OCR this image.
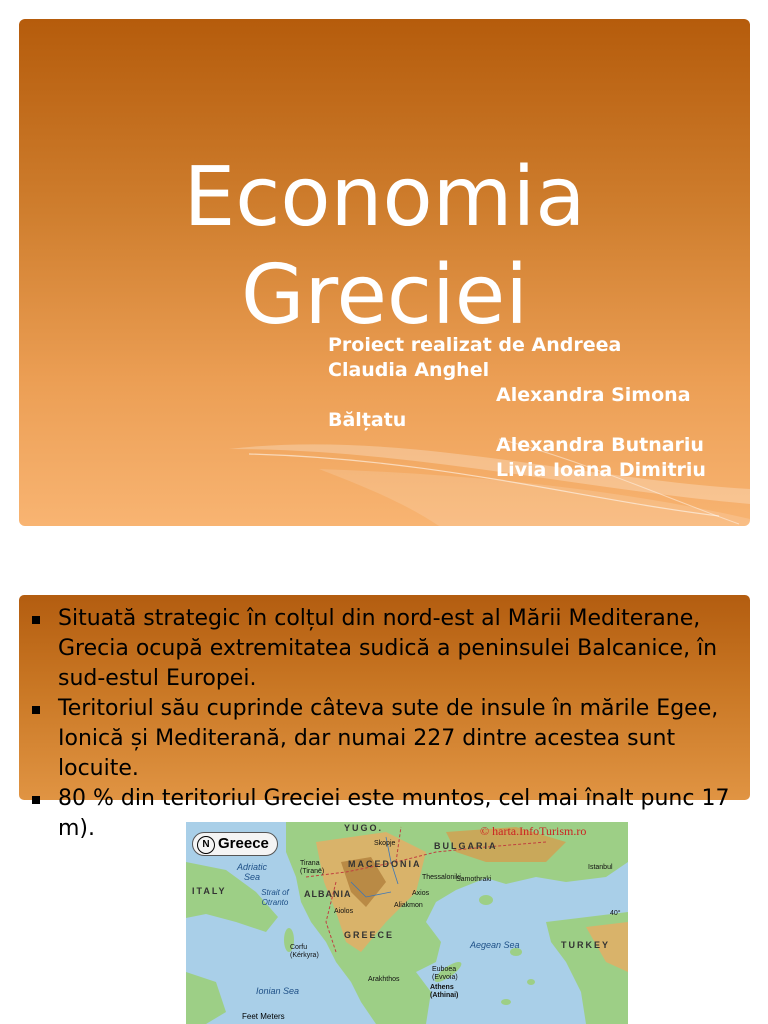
Economia
Greciei

Proiect realizat de Andreea
Claudia Anghel
Alexandra Simona
Bălțatu
Alexandra Butnariu
Livia Ioana Dimitriu

Situată strategic în colțul din nord-est al Mării Mediterane, Grecia ocupă extremitatea sudică a peninsulei Balcanice, în sud-estul Europei.
Teritoriul său cuprinde câteva sute de insule în mările Egee, Ionică și Mediterană, dar numai 227 dintre acestea sunt locuite.
80 % din teritoriul Greciei este muntos, cel mai înalt punc 17 m).
N Greece
© harta.InfoTurism.ro
YUGO.
BULGARIA
MACEDONIA
ALBANIA
GREECE
TURKEY
ITALY
Adriatic Sea
Aegean Sea
Ionian Sea
Strait of Otranto
Skopje
Tirana (Tiranë)
Istanbul
Thessaloniki
Corfu (Kérkyra)
Athens (Athinai)
Euboea (Evvoia)
Samothraki
Aiolos
Axios
Aliakmon
Arakhthos
40°
Feet Meters
